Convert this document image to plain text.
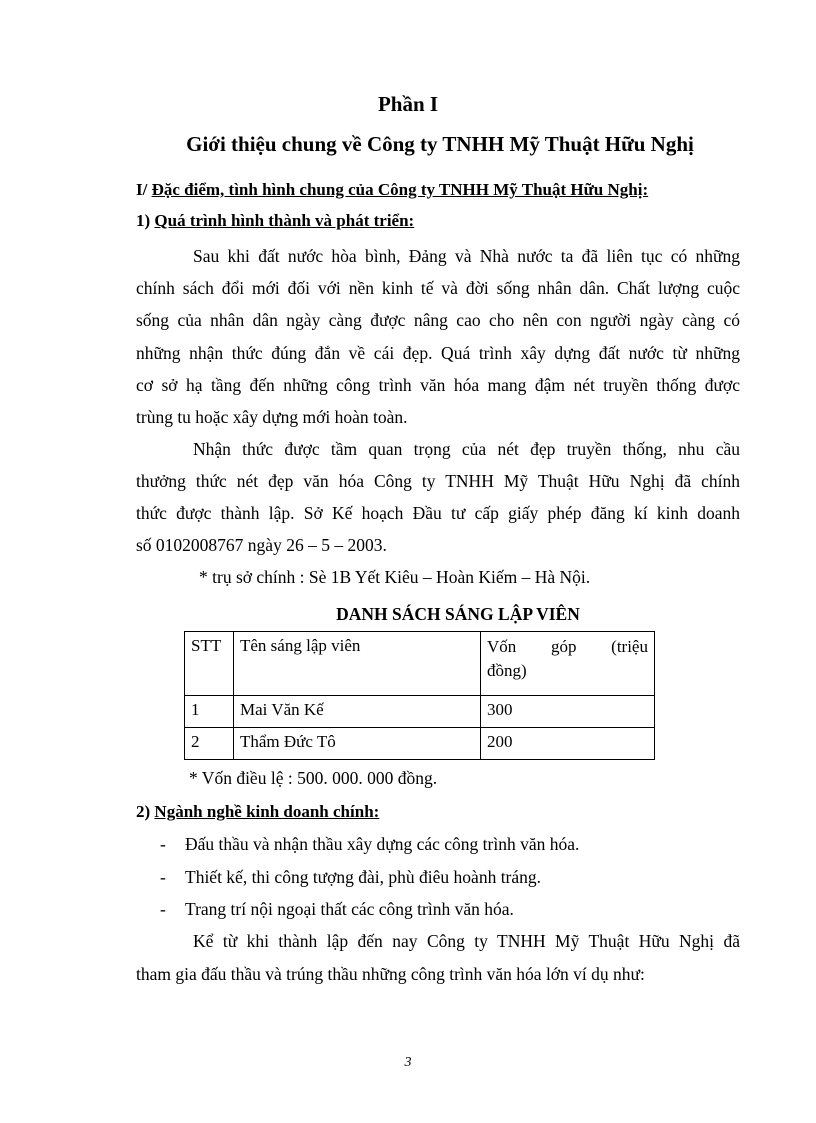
Phần I
Giới thiệu chung về Công ty TNHH Mỹ Thuật Hữu Nghị
I/ Đặc điểm, tình hình chung của Công ty TNHH Mỹ Thuật Hữu Nghị:
1) Quá trình hình thành và phát triển:
Sau khi đất nước hòa bình, Đảng và Nhà nước ta đã liên tục có những
chính sách đổi mới đối với nền kinh tế và đời sống nhân dân. Chất lượng cuộc
sống của nhân dân ngày càng được nâng cao cho nên con người ngày càng có
những nhận thức đúng đắn về cái đẹp. Quá trình xây dựng đất nước từ những
cơ sở hạ tầng đến những công trình văn hóa mang đậm nét truyền thống được
trùng tu hoặc xây dựng mới hoàn toàn.
Nhận thức được tầm quan trọng của nét đẹp truyền thống, nhu cầu
thưởng thức nét đẹp văn hóa Công ty TNHH Mỹ Thuật Hữu Nghị đã chính
thức được thành lập. Sở Kế hoạch Đầu tư cấp giấy phép đăng kí kinh doanh
số 0102008767 ngày 26 – 5 – 2003.
* trụ sở chính : Sè 1B Yết Kiêu – Hoàn Kiếm – Hà Nội.
DANH SÁCH SÁNG LẬP VIÊN
STT	Tên sáng lập viên	Vốn góp (triệu
đồng)

1	Mai Văn Kế	300
2	Thẩm Đức Tô	200
* Vốn điều lệ : 500. 000. 000 đồng.
2) Ngành nghề kinh doanh chính:
- Đấu thầu và nhận thầu xây dựng các công trình văn hóa.
- Thiết kế, thi công tượng đài, phù điêu hoành tráng.
- Trang trí nội ngoại thất các công trình văn hóa.
Kể từ khi thành lập đến nay Công ty TNHH Mỹ Thuật Hữu Nghị đã
tham gia đấu thầu và trúng thầu những công trình văn hóa lớn ví dụ như:
3
